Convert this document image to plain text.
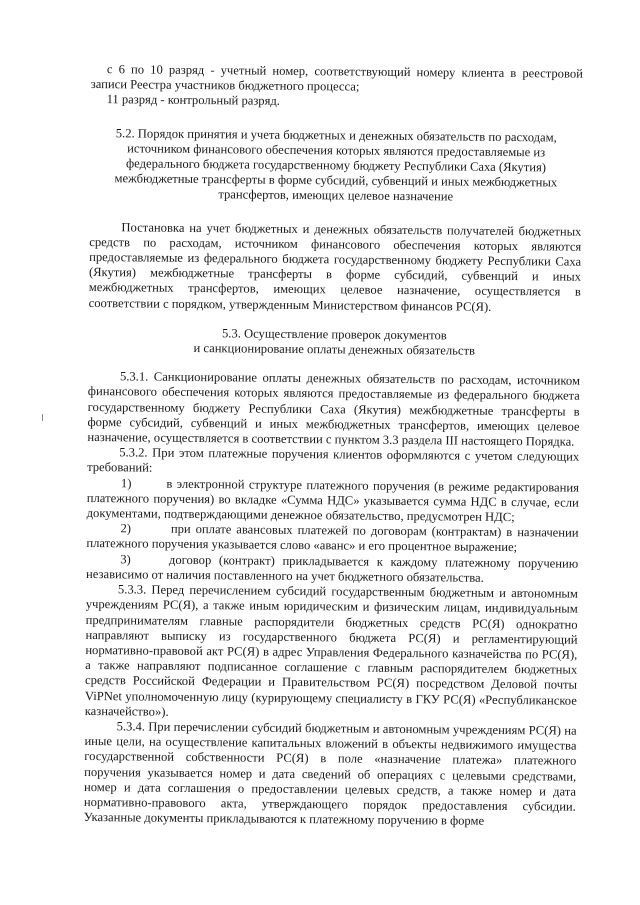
с 6 по 10 разряд - учетный номер, соответствующий номеру клиента в реестровой записи Реестра участников бюджетного процесса;

11 разряд - контрольный разряд.

5.2. Порядок принятия и учета бюджетных и денежных обязательств по расходам, источником финансового обеспечения которых являются предоставляемые из федерального бюджета государственному бюджету Республики Саха (Якутия) межбюджетные трансферты в форме субсидий, субвенций и иных межбюджетных трансфертов, имеющих целевое назначение

Постановка на учет бюджетных и денежных обязательств получателей бюджетных средств по расходам, источником финансового обеспечения которых являются предоставляемые из федерального бюджета государственному бюджету Республики Саха (Якутия) межбюджетные трансферты в форме субсидий, субвенций и иных межбюджетных трансфертов, имеющих целевое назначение, осуществляется в соответствии с порядком, утвержденным Министерством финансов РС(Я).

5.3. Осуществление проверок документов

и санкционирование оплаты денежных обязательств

5.3.1. Санкционирование оплаты денежных обязательств по расходам, источником финансового обеспечения которых являются предоставляемые из федерального бюджета государственному бюджету Республики Саха (Якутия) межбюджетные трансферты в форме субсидий, субвенций и иных межбюджетных трансфертов, имеющих целевое назначение, осуществляется в соответствии с пунктом 3.3 раздела III настоящего Порядка.

5.3.2. При этом платежные поручения клиентов оформляются с учетом следующих требований:

1)	в электронной структуре платежного поручения (в режиме редактирования платежного поручения) во вкладке «Сумма НДС» указывается сумма НДС в случае, если документами, подтверждающими денежное обязательство, предусмотрен НДС;

2)	при оплате авансовых платежей по договорам (контрактам) в назначении платежного поручения указывается слово «аванс» и его процентное выражение;

3)	договор (контракт) прикладывается к каждому платежному поручению независимо от наличия поставленного на учет бюджетного обязательства.

5.3.3. Перед перечислением субсидий государственным бюджетным и автономным учреждениям РС(Я), а также иным юридическим и физическим лицам, индивидуальным предпринимателям главные распорядители бюджетных средств РС(Я) однократно направляют выписку из государственного бюджета РС(Я) и регламентирующий нормативно-правовой акт РС(Я) в адрес Управления Федерального казначейства по РС(Я), а также направляют подписанное соглашение с главным распорядителем бюджетных средств Российской Федерации и Правительством РС(Я) посредством Деловой почты ViPNet уполномоченную лицу (курирующему специалисту в ГКУ РС(Я) «Республиканское казначейство»).

5.3.4. При перечислении субсидий бюджетным и автономным учреждениям РС(Я) на иные цели, на осуществление капитальных вложений в объекты недвижимого имущества государственной собственности РС(Я) в поле «назначение платежа» платежного поручения указывается номер и дата сведений об операциях с целевыми средствами, номер и дата соглашения о предоставлении целевых средств, а также номер и дата нормативно-правового акта, утверждающего порядок предоставления субсидии. Указанные документы прикладываются к платежному поручению в форме
